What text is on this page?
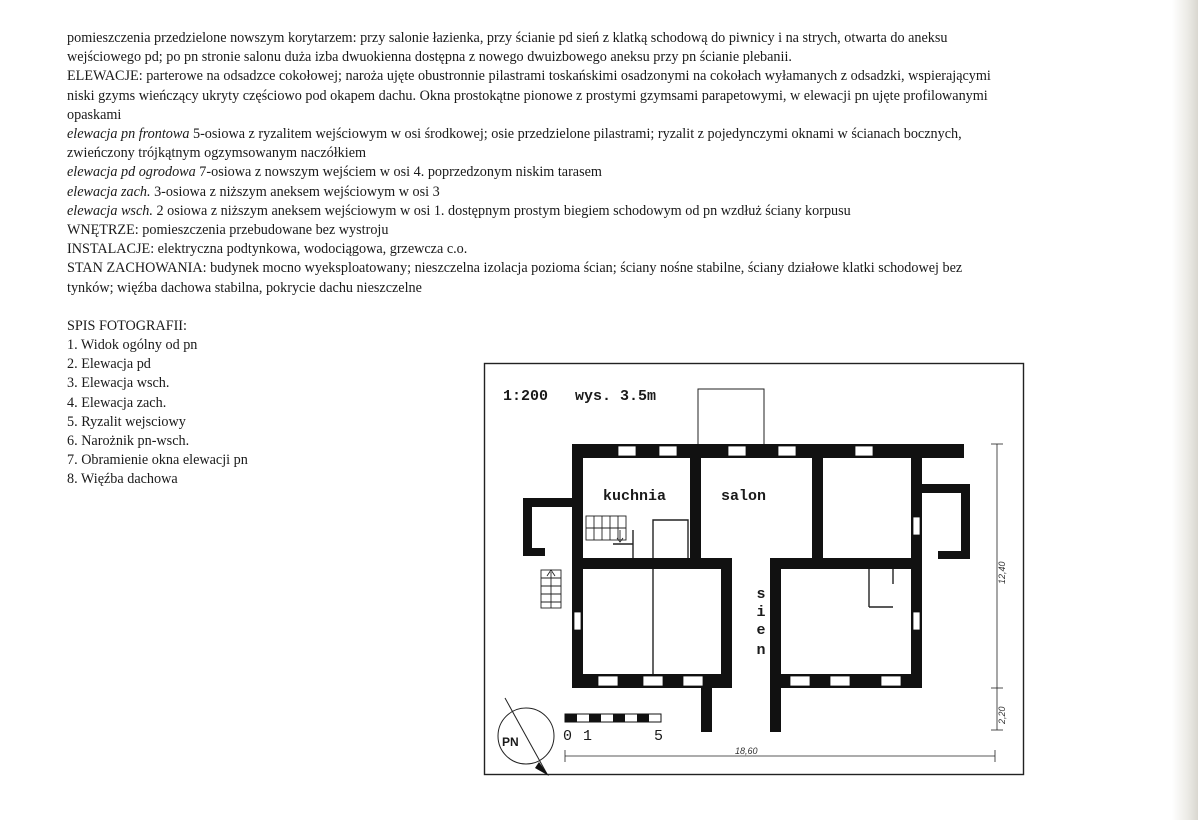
pomieszczenia przedzielone nowszym korytarzem: przy salonie łazienka, przy ścianie pd sień z klatką schodową do piwnicy i na strych, otwarta do aneksu

wejściowego pd; po pn stronie salonu duża izba dwuokienna dostępna z nowego dwuizbowego aneksu przy pn ścianie plebanii.

ELEWACJE: parterowe na odsadzce cokołowej; naroża ujęte obustronnie pilastrami toskańskimi osadzonymi na cokołach wyłamanych z odsadzki, wspierającymi

niski gzyms wieńczący ukryty częściowo pod okapem dachu. Okna prostokątne pionowe z prostymi gzymsami parapetowymi, w elewacji pn ujęte profilowanymi

opaskami

elewacja pn frontowa 5-osiowa z ryzalitem wejściowym w osi środkowej; osie przedzielone pilastrami; ryzalit z pojedynczymi oknami w ścianach bocznych,

zwieńczony trójkątnym ogzymsowanym naczółkiem

elewacja pd ogrodowa 7-osiowa z nowszym wejściem w osi 4. poprzedzonym niskim tarasem

elewacja zach. 3-osiowa z niższym aneksem wejściowym w osi 3

elewacja wsch. 2 osiowa z niższym aneksem wejściowym w osi 1. dostępnym prostym biegiem schodowym od pn wzdłuż ściany korpusu

WNĘTRZE: pomieszczenia przebudowane bez wystroju

INSTALACJE: elektryczna podtynkowa, wodociągowa, grzewcza c.o.

STAN ZACHOWANIA: budynek mocno wyeksploatowany; nieszczelna izolacja pozioma ścian; ściany nośne stabilne, ściany działowe klatki schodowej bez

tynków; więźba dachowa stabilna, pokrycie dachu nieszczelne

SPIS FOTOGRAFII:

1. Widok ogólny od pn
2. Elewacja pd
3. Elewacja wsch.
4. Elewacja zach.
5. Ryzalit wejsciowy
6. Narożnik pn-wsch.
7. Obramienie okna elewacji pn
8. Więźba dachowa
1:200 wys. 3.5m
kuchnia	salon
s
i
e
n
0 1	5
PN
18,60
12,40
2,20
